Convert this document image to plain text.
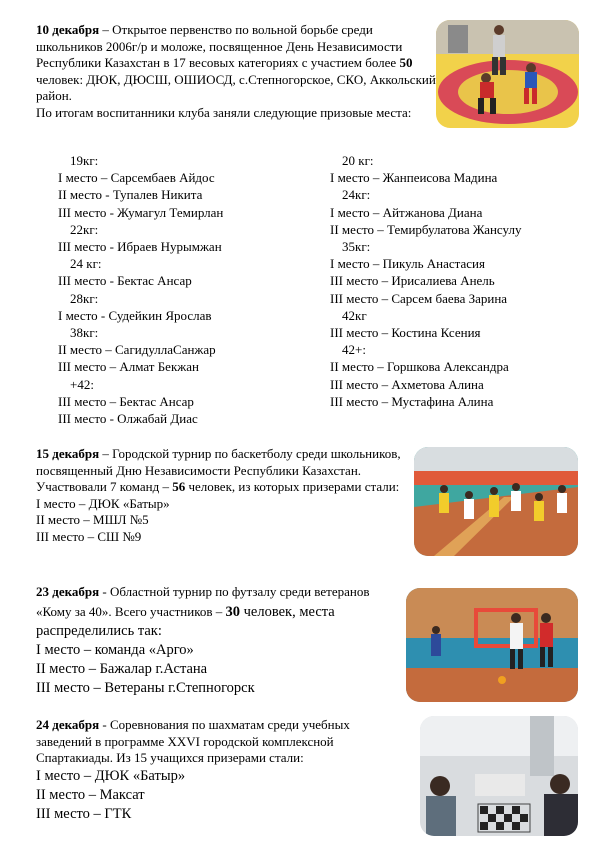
10 декабря – Открытое первенство по вольной борьбе среди школьников 2006г/р и моложе, посвященное День Независимости Республики Казахстан в 17 весовых категориях с участием более 50 человек: ДЮК, ДЮСШ, ОШИОСД, с.Степногорское, СКО, Аккольский район.
По итогам воспитанники клуба заняли следующие призовые места:
19кг:
I место – Сарсембаев Айдос
II место - Тупалев Никита
III место - Жумагул Темирлан
22кг:
III место - Ибраев Нурымжан
24 кг:
III место - Бектас Ансар
28кг:
I место - Судейкин Ярослав
38кг:
II место – СагидуллаСанжар
III место – Алмат Бекжан
+42:
III место – Бектас Ансар
III место - Олжабай Диас
20 кг:
I место – Жанпеисова Мадина
24кг:
I место – Айтжанова Диана
II место – Темирбулатова Жансулу
35кг:
I место – Пикуль Анастасия
III место – Ирисалиева Анель
III место – Сарсем баева Зарина
42кг
III место – Костина Ксения
42+:
II место – Горшкова Александра
III место – Ахметова Алина
III место – Мустафина Алина
15 декабря – Городской турнир по баскетболу среди школьников, посвященный Дню Независимости Республики Казахстан. Участвовали 7 команд – 56 человек, из которых призерами стали:
I место – ДЮК «Батыр»
II место – МШЛ №5
III место – СШ №9
23 декабря - Областной турнир по футзалу среди ветеранов «Кому за 40». Всего участников – 30 человек, места распределились так:
I место – команда «Арго»
II место – Бажалар г.Астана
III место – Ветераны г.Степногорск
24 декабря - Соревнования по шахматам среди учебных заведений в программе XXVI городской комплексной Спартакиады. Из 15 учащихся призерами стали:
I место – ДЮК «Батыр»
II место – Максат
III место – ГТК
